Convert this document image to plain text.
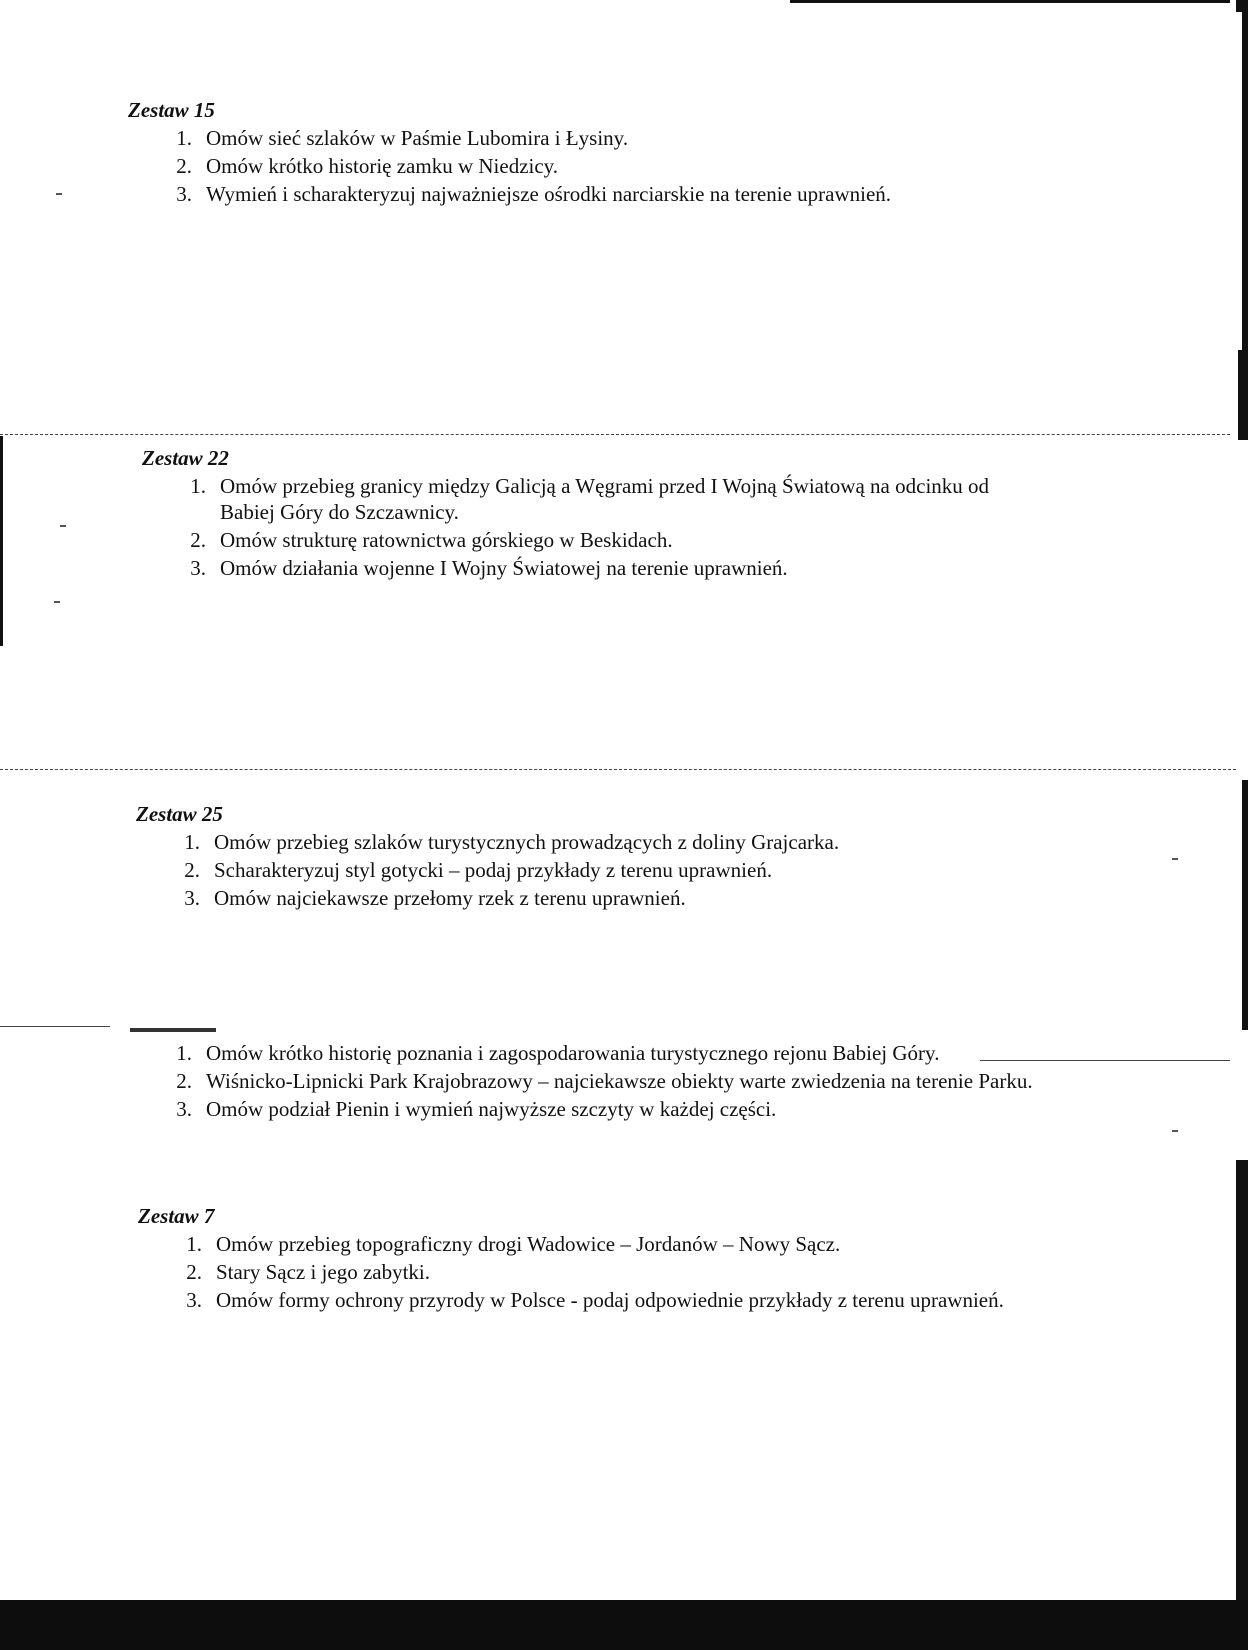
Zestaw 15
1. Omów sieć szlaków w Paśmie Lubomira i Łysiny.
2. Omów krótko historię zamku w Niedzicy.
3. Wymień i scharakteryzuj najważniejsze ośrodki narciarskie na terenie uprawnień.
Zestaw 22
1. Omów przebieg granicy między Galicją a Węgrami przed I Wojną Światową na odcinku od Babiej Góry do Szczawnicy.
2. Omów strukturę ratownictwa górskiego w Beskidach.
3. Omów działania wojenne I Wojny Światowej na terenie uprawnień.
Zestaw 25
1. Omów przebieg szlaków turystycznych prowadzących z doliny Grajcarka.
2. Scharakteryzuj styl gotycki – podaj przykłady z terenu uprawnień.
3. Omów najciekawsze przełomy rzek z terenu uprawnień.
1. Omów krótko historię poznania i zagospodarowania turystycznego rejonu Babiej Góry.
2. Wiśnicko-Lipnicki Park Krajobrazowy – najciekawsze obiekty warte zwiedzenia na terenie Parku.
3. Omów podział Pienin i wymień najwyższe szczyty w każdej części.
Zestaw 7
1. Omów przebieg topograficzny drogi Wadowice – Jordanów – Nowy Sącz.
2. Stary Sącz i jego zabytki.
3. Omów formy ochrony przyrody w Polsce - podaj odpowiednie przykłady z terenu uprawnień.
